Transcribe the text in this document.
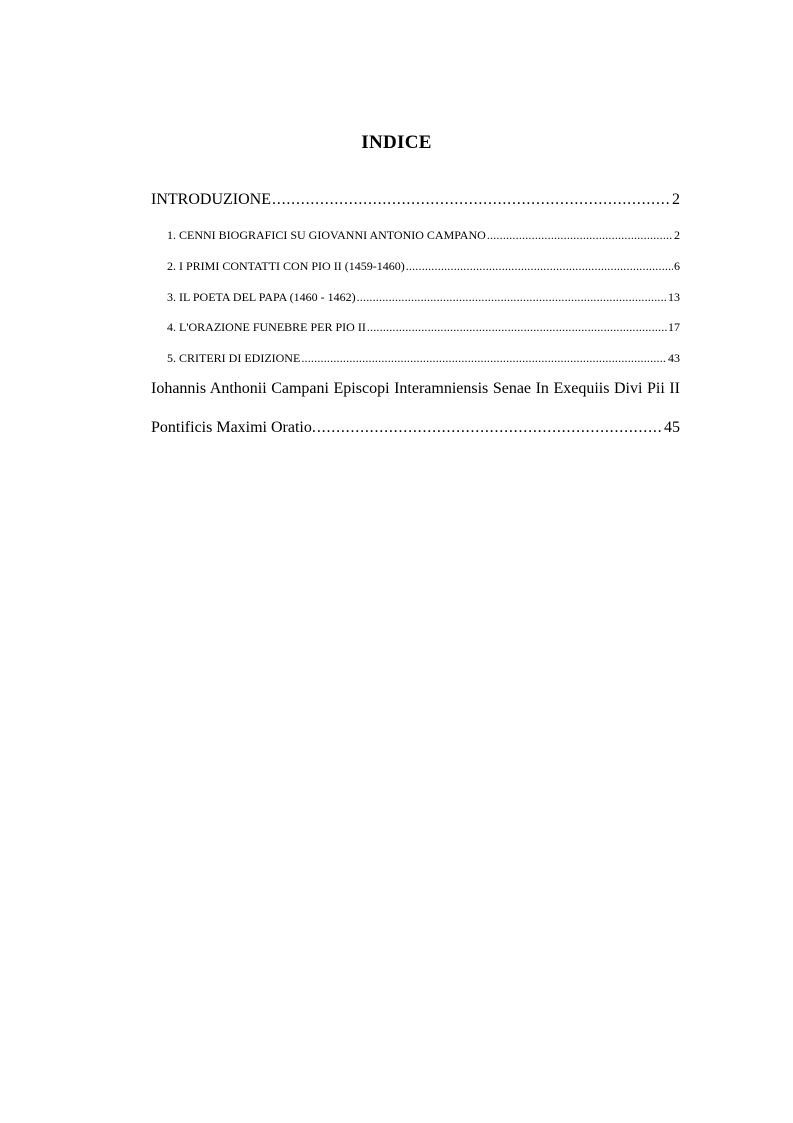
INDICE
INTRODUZIONE . . .	2
1. CENNI BIOGRAFICI SU GIOVANNI ANTONIO CAMPANO . . .	2
2. I PRIMI CONTATTI CON PIO II (1459-1460) . . .	6
3. IL POETA DEL PAPA (1460 - 1462) . . .	13
4. L'ORAZIONE FUNEBRE PER PIO II . . .	17
5. CRITERI DI EDIZIONE . . .	43
Iohannis Anthonii Campani Episcopi Interamniensis Senae In Exequiis Divi Pii II
Pontificis Maximi Oratio. . . .	45
